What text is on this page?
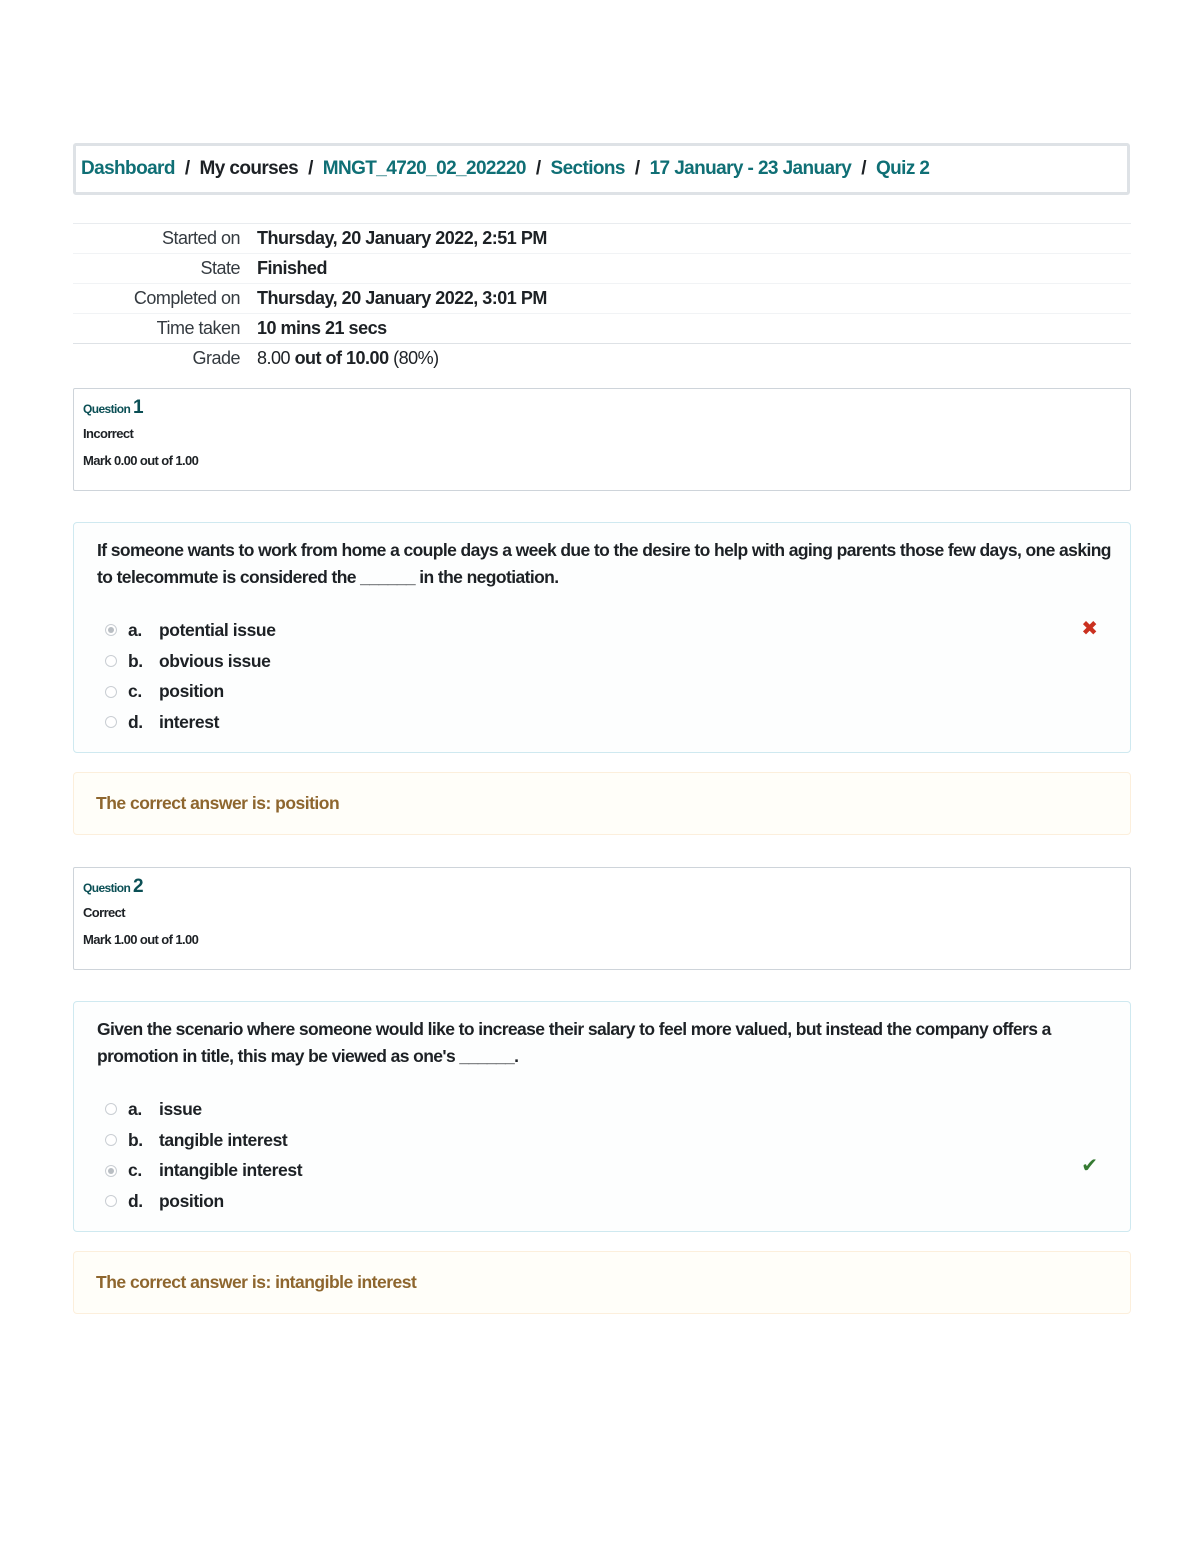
Dashboard / My courses / MNGT_4720_02_202220 / Sections / 17 January - 23 January / Quiz 2
Started on Thursday, 20 January 2022, 2:51 PM
State Finished
Completed on Thursday, 20 January 2022, 3:01 PM
Time taken 10 mins 21 secs
Grade 8.00 out of 10.00 (80%)
Question 1
Incorrect
Mark 0.00 out of 1.00
If someone wants to work from home a couple days a week due to the desire to help with aging parents those few days, one asking to telecommute is considered the ______ in the negotiation.
a. potential issue
b. obvious issue
c. position
d. interest
✖
The correct answer is: position
Question 2
Correct
Mark 1.00 out of 1.00
Given the scenario where someone would like to increase their salary to feel more valued, but instead the company offers a promotion in title, this may be viewed as one's ______.
a. issue
b. tangible interest
c. intangible interest
d. position
✔
The correct answer is: intangible interest
